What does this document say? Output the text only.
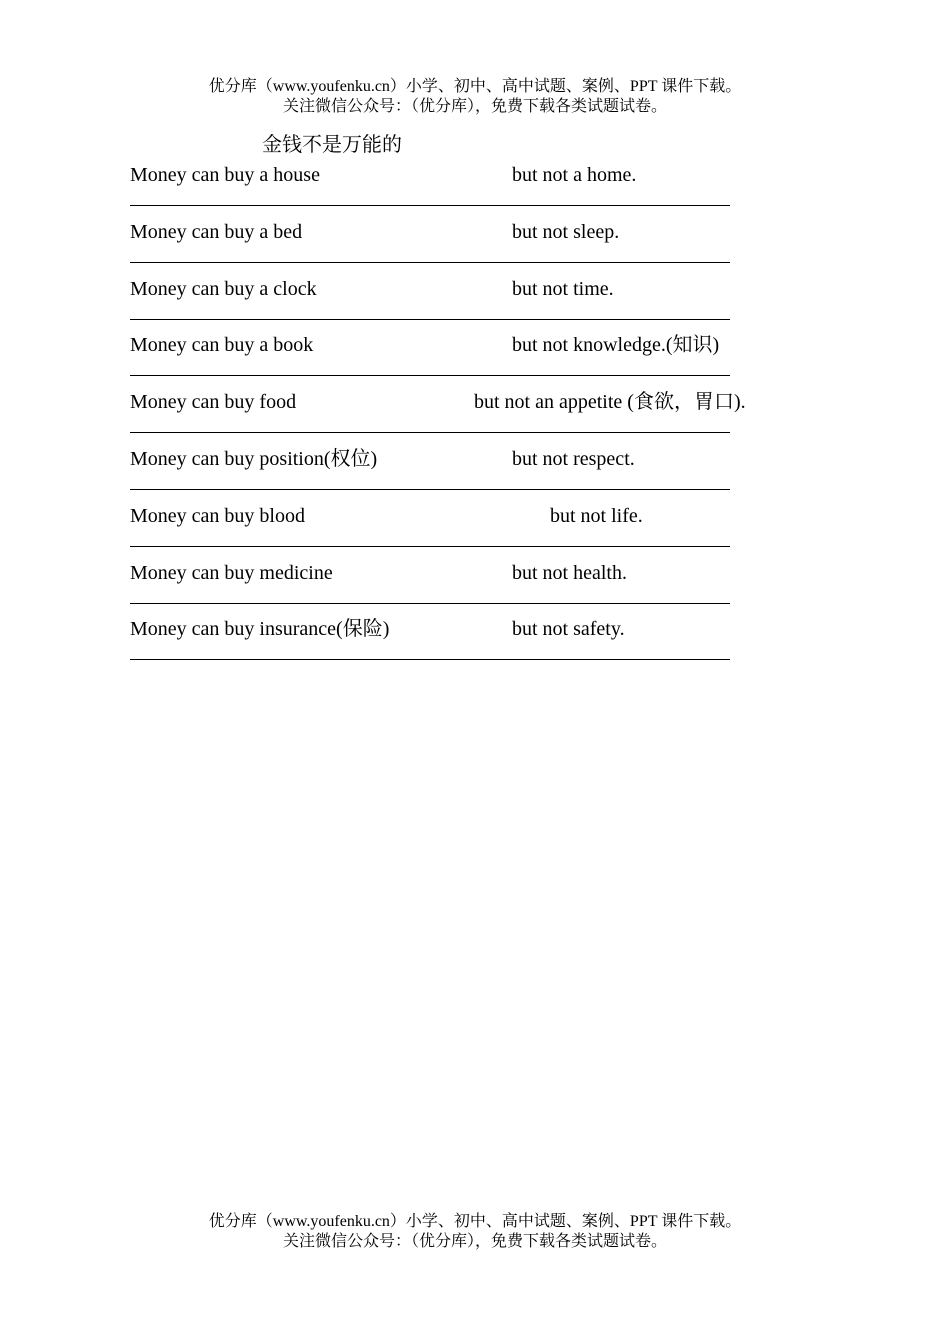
优分库（www.youfenku.cn）小学、初中、高中试题、案例、PPT 课件下载。
关注微信公众号：（优分库），免费下载各类试题试卷。
金钱不是万能的
Money can buy a house	but not a home.
Money can buy a bed	but not sleep.
Money can buy a clock	but not time.
Money can buy a book	but not knowledge.(知识)
Money can buy food	but not an appetite (食欲，胃口).
Money can buy position(权位)	but not respect.
Money can buy blood	but not life.
Money can buy medicine	but not health.
Money can buy insurance(保险)	but not safety.
优分库（www.youfenku.cn）小学、初中、高中试题、案例、PPT 课件下载。
关注微信公众号：（优分库），免费下载各类试题试卷。
